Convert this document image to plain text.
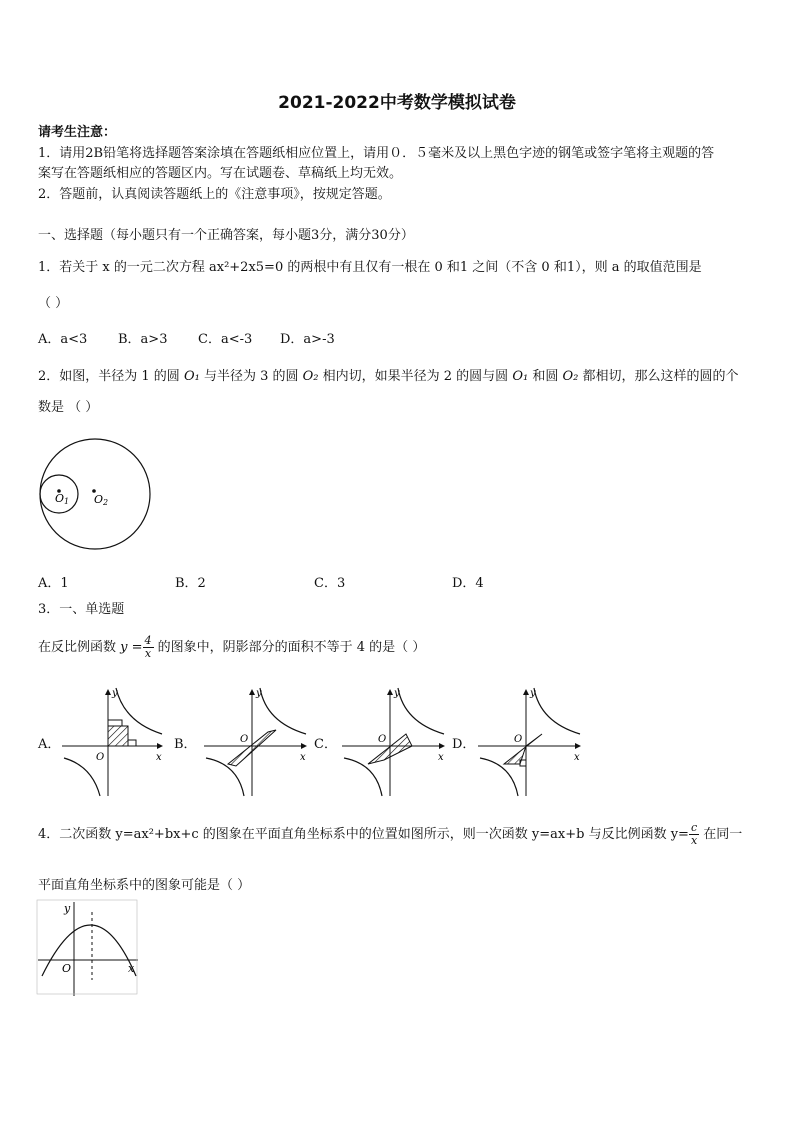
2021-2022中考数学模拟试卷
请考生注意：
1．请用2B铅笔将选择题答案涂填在答题纸相应位置上，请用０．５毫米及以上黑色字迹的钢笔或签字笔将主观题的答
案写在答题纸相应的答题区内。写在试题卷、草稿纸上均无效。
2．答题前，认真阅读答题纸上的《注意事项》，按规定答题。
一、选择题（每小题只有一个正确答案，每小题3分，满分30分）
1．若关于 x 的一元二次方程 ax²+2x5=0 的两根中有且仅有一根在 0 和1 之间（不含 0 和1），则 a 的取值范围是
（ ）
A．a<3 B．a>3 C．a<-3 D．a>-3
2．如图，半径为 1 的圆 O₁ 与半径为 3 的圆 O₂ 相内切，如果半径为 2 的圆与圆 O₁ 和圆 O₂ 都相切，那么这样的圆的个
数是 （ ）
O1 O2
A．1	B．2	C．3	D．4
3．一、单选题
在反比例函数 $y = \frac{4}{x}$ 的图象中，阴影部分的面积不等于 4 的是（ ）
A．	B．	C．	D．
O	x
y
O
x
y
O
x
y
O
x
y
4．二次函数 y=ax²+bx+c 的图象在平面直角坐标系中的位置如图所示，则一次函数 y=ax+b 与反比例函数 $y= \frac{c}{x}$ 在同一
平面直角坐标系中的图象可能是（ ）
O	x
y
